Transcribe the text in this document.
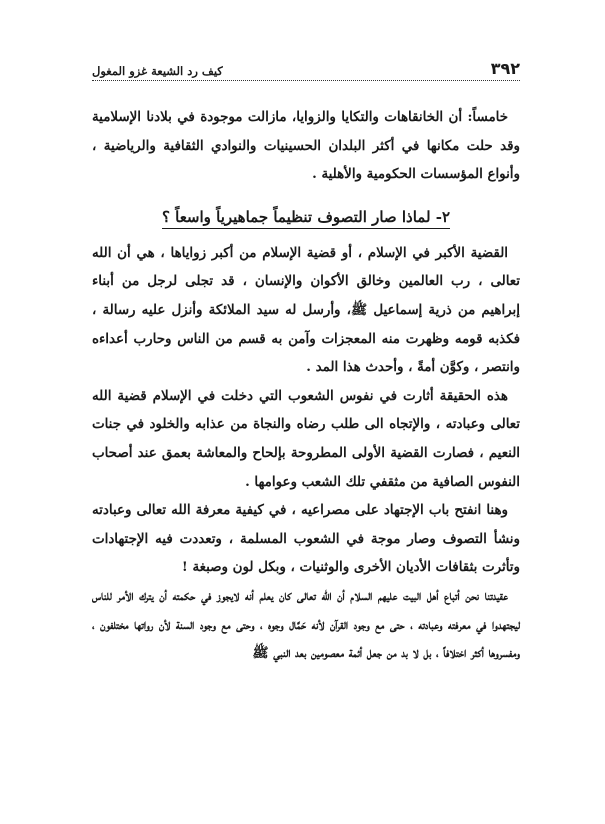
٣٩٢
كيف رد الشيعة غزو المغول

خامساً: أن الخانقاهات والتكايا والزوايا، مازالت موجودة في بلادنا الإسلامية وقد حلت مكانها في أكثر البلدان الحسينيات والنوادي الثقافية والرياضية ، وأنواع المؤسسات الحكومية والأهلية .

٢- لماذا صار التصوف تنظيماً جماهيرياً واسعاً ؟

القضية الأكبر في الإسلام ، أو قضية الإسلام من أكبر زواياها ، هي أن الله تعالى ، رب العالمين وخالق الأكوان والإنسان ، قد تجلى لرجل من أبناء إبراهيم من ذرية إسماعيل ﷺ، وأرسل له سيد الملائكة وأنزل عليه رسالة ، فكذبه قومه وظهرت منه المعجزات وآمن به قسم من الناس وحارب أعداءه وانتصر ، وكوَّن أمةً ، وأحدث هذا المد .

هذه الحقيقة أثارت في نفوس الشعوب التي دخلت في الإسلام قضية الله تعالى وعبادته ، والإتجاه الى طلب رضاه والنجاة من عذابه والخلود في جنات النعيم ، فصارت القضية الأولى المطروحة بإلحاح والمعاشة بعمق عند أصحاب النفوس الصافية من مثقفي تلك الشعب وعوامها .

وهنا انفتح باب الإجتهاد على مصراعيه ، في كيفية معرفة الله تعالى وعبادته ونشأ التصوف وصار موجة في الشعوب المسلمة ، وتعددت فيه الإجتهادات وتأثرت بثقافات الأديان الأخرى والوثنيات ، وبكل لون وصبغة !

عقيدتنا نحن أتباع أهل البيت عليهم السلام أن الله تعالى كان يعلم أنه لايجوز في حكمته أن يترك الأمر للناس ليجتهدوا في معرفته وعبادته ، حتى مع وجود القرآن لأنه حَمَّال وجوه ، وحتى مع وجود السنة لأن رواتها مختلفون ، ومفسروها أكثر اختلافاً ، بل لا بد من جعل أئمة معصومين بعد النبي ﷺ
